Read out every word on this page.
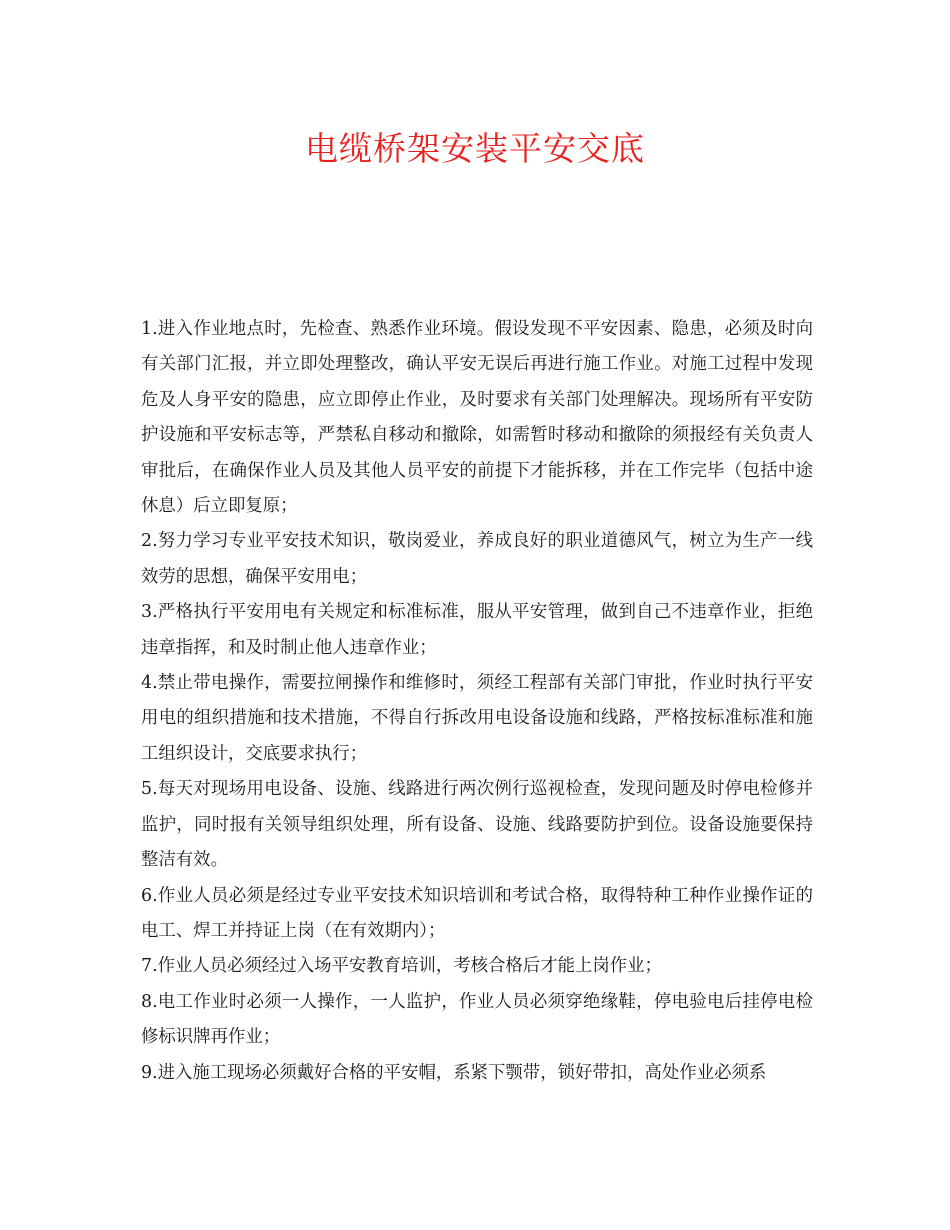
电缆桥架安装平安交底

1.进入作业地点时，先检查、熟悉作业环境。假设发现不平安因素、隐患，必须及时向有关部门汇报，并立即处理整改，确认平安无误后再进行施工作业。对施工过程中发现危及人身平安的隐患，应立即停止作业，及时要求有关部门处理解决。现场所有平安防护设施和平安标志等，严禁私自移动和撤除，如需暂时移动和撤除的须报经有关负责人审批后，在确保作业人员及其他人员平安的前提下才能拆移，并在工作完毕（包括中途休息）后立即复原；

2.努力学习专业平安技术知识，敬岗爱业，养成良好的职业道德风气，树立为生产一线效劳的思想，确保平安用电；

3.严格执行平安用电有关规定和标准标准，服从平安管理，做到自己不违章作业，拒绝违章指挥，和及时制止他人违章作业；

4.禁止带电操作，需要拉闸操作和维修时，须经工程部有关部门审批，作业时执行平安用电的组织措施和技术措施，不得自行拆改用电设备设施和线路，严格按标准标准和施工组织设计，交底要求执行；

5.每天对现场用电设备、设施、线路进行两次例行巡视检查，发现问题及时停电检修并监护，同时报有关领导组织处理，所有设备、设施、线路要防护到位。设备设施要保持整洁有效。

6.作业人员必须是经过专业平安技术知识培训和考试合格，取得特种工种作业操作证的电工、焊工并持证上岗（在有效期内）；

7.作业人员必须经过入场平安教育培训，考核合格后才能上岗作业；

8.电工作业时必须一人操作，一人监护，作业人员必须穿绝缘鞋，停电验电后挂停电检修标识牌再作业；

9.进入施工现场必须戴好合格的平安帽，系紧下颚带，锁好带扣，高处作业必须系
